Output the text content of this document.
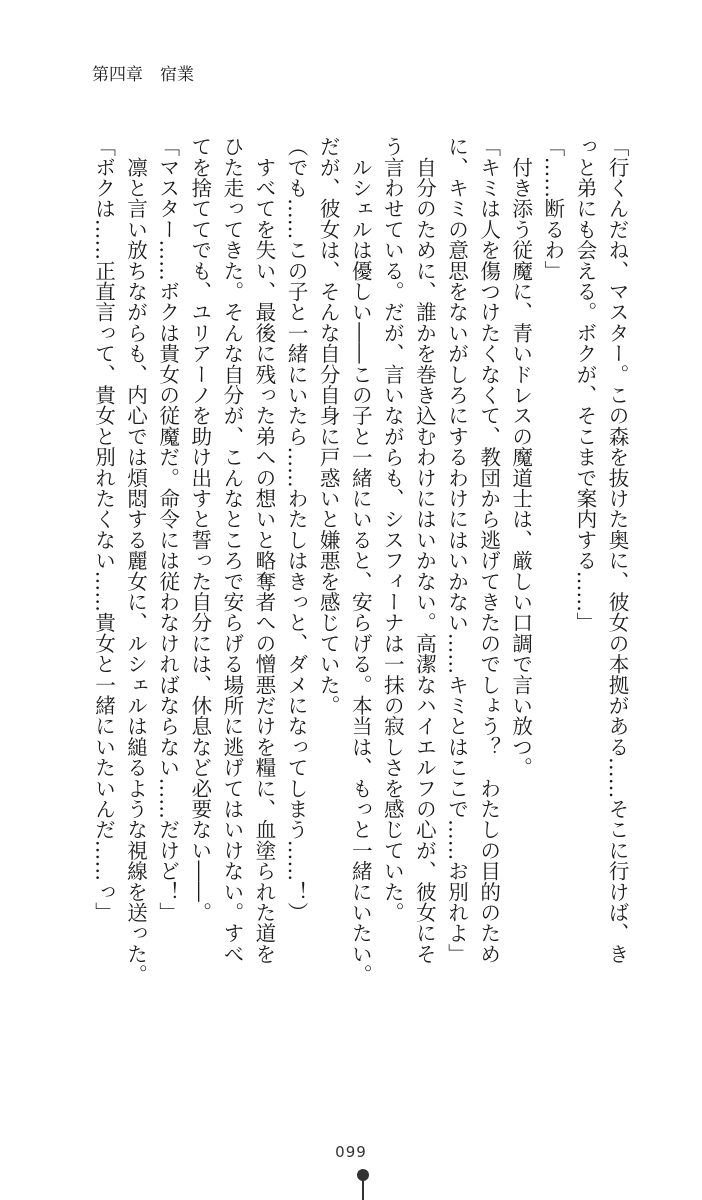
第四章　宿業
「行くんだね、マスター。この森を抜けた奥に、彼女の本拠がある……そこに行けば、き
っと弟にも会える。ボクが、そこまで案内する……」
「……断るわ」
　付き添う従魔に、青いドレスの魔道士は、厳しい口調で言い放つ。
「キミは人を傷つけたくなくて、教団から逃げてきたのでしょう？　わたしの目的のため
に、キミの意思をないがしろにするわけにはいかない……キミとはここで……お別れよ」
　自分のために、誰かを巻き込むわけにはいかない。高潔なハイエルフの心が、彼女にそ
う言わせている。だが、言いながらも、シスフィーナは一抹の寂しさを感じていた。
　ルシェルは優しい――この子と一緒にいると、安らげる。本当は、もっと一緒にいたい。
だが、彼女は、そんな自分自身に戸惑いと嫌悪を感じていた。
（でも……この子と一緒にいたら……わたしはきっと、ダメになってしまう……！）
　すべてを失い、最後に残った弟への想いと略奪者への憎悪だけを糧に、血塗られた道を
ひた走ってきた。そんな自分が、こんなところで安らげる場所に逃げてはいけない。すべ
てを捨ててでも、ユリアーノを助け出すと誓った自分には、休息など必要ない――。
「マスター……ボクは貴女の従魔だ。命令には従わなければならない……だけど！」
　凛と言い放ちながらも、内心では煩悶する麗女に、ルシェルは縋るような視線を送った。
「ボクは……正直言って、貴女と別れたくない……貴女と一緒にいたいんだ……っ」
099
